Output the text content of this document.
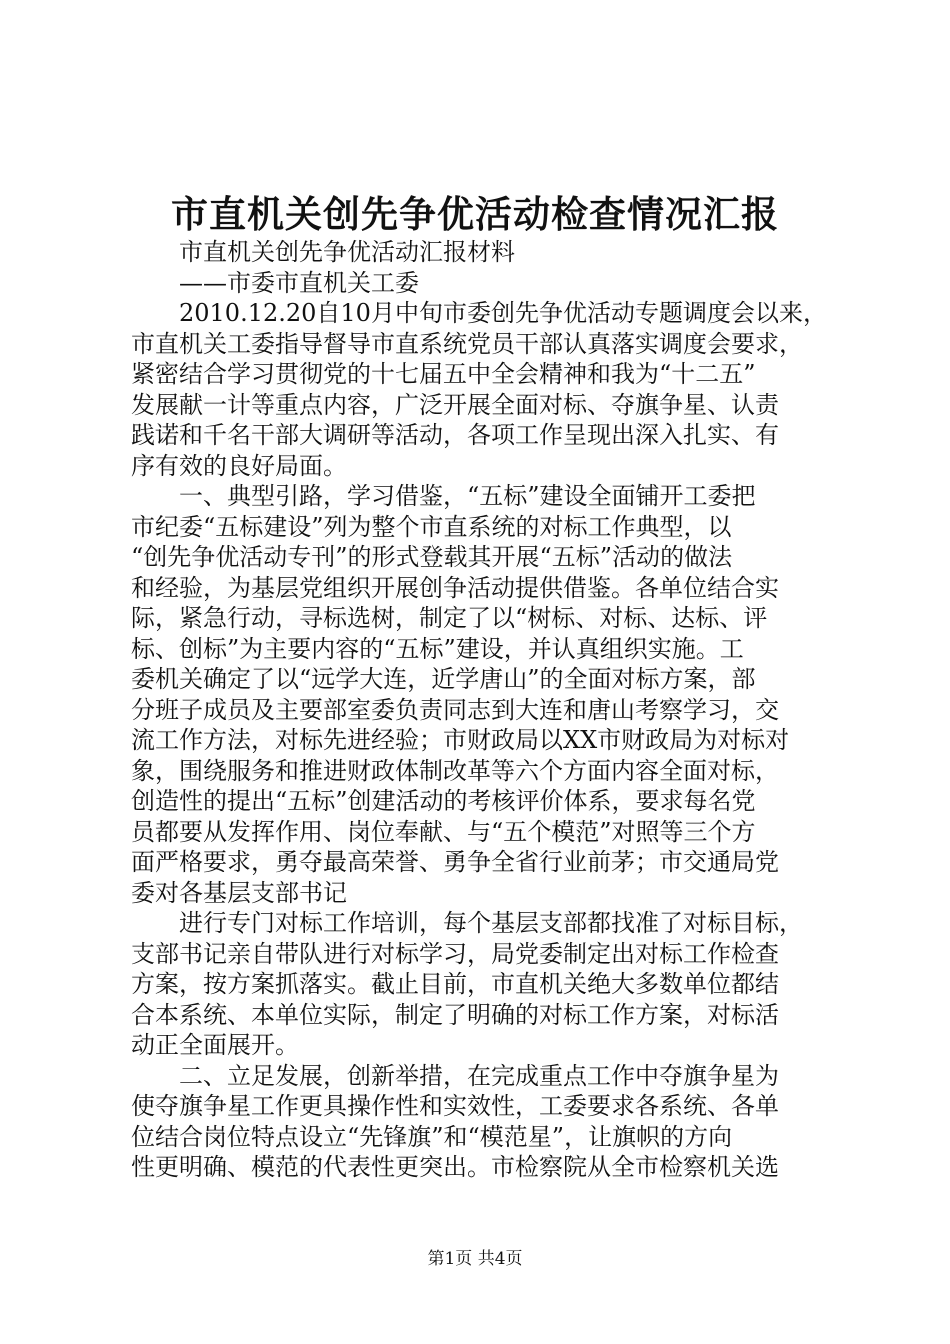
市直机关创先争优活动检查情况汇报
市直机关创先争优活动汇报材料
——市委市直机关工委
2010.12.20自10月中旬市委创先争优活动专题调度会以来，
市直机关工委指导督导市直系统党员干部认真落实调度会要求，
紧密结合学习贯彻党的十七届五中全会精神和我为“十二五”
发展献一计等重点内容，广泛开展全面对标、夺旗争星、认责
践诺和千名干部大调研等活动，各项工作呈现出深入扎实、有
序有效的良好局面。
一、典型引路，学习借鉴，“五标”建设全面铺开工委把
市纪委“五标建设”列为整个市直系统的对标工作典型，以
“创先争优活动专刊”的形式登载其开展“五标”活动的做法
和经验，为基层党组织开展创争活动提供借鉴。各单位结合实
际，紧急行动，寻标选树，制定了以“树标、对标、达标、评
标、创标”为主要内容的“五标”建设，并认真组织实施。工
委机关确定了以“远学大连，近学唐山”的全面对标方案，部
分班子成员及主要部室委负责同志到大连和唐山考察学习，交
流工作方法，对标先进经验；市财政局以XX市财政局为对标对
象，围绕服务和推进财政体制改革等六个方面内容全面对标，
创造性的提出“五标”创建活动的考核评价体系，要求每名党
员都要从发挥作用、岗位奉献、与“五个模范”对照等三个方
面严格要求，勇夺最高荣誉、勇争全省行业前茅；市交通局党
委对各基层支部书记
进行专门对标工作培训，每个基层支部都找准了对标目标，
支部书记亲自带队进行对标学习，局党委制定出对标工作检查
方案，按方案抓落实。截止目前，市直机关绝大多数单位都结
合本系统、本单位实际，制定了明确的对标工作方案，对标活
动正全面展开。
二、立足发展，创新举措，在完成重点工作中夺旗争星为
使夺旗争星工作更具操作性和实效性，工委要求各系统、各单
位结合岗位特点设立“先锋旗”和“模范星”，让旗帜的方向
性更明确、模范的代表性更突出。市检察院从全市检察机关选
第1页 共4页
